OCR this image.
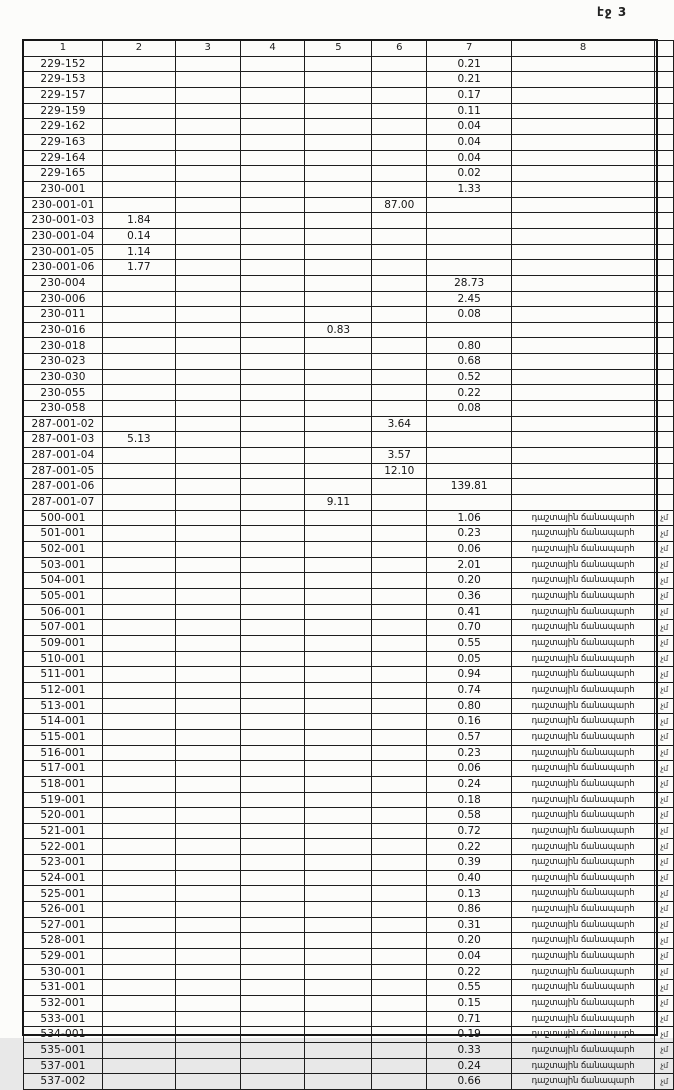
էջ 3
1	2	3	4	5	6	7	8	
229-152						0.21		
229-153						0.21		
229-157						0.17		
229-159						0.11		
229-162						0.04		
229-163						0.04		
229-164						0.04		
229-165						0.02		
230-001						1.33		
230-001-01					87.00			
230-001-03	1.84							
230-001-04	0.14							
230-001-05	1.14							
230-001-06	1.77							
230-004						28.73		
230-006						2.45		
230-011						0.08		
230-016				0.83				
230-018						0.80		
230-023						0.68		
230-030						0.52		
230-055						0.22		
230-058						0.08		
287-001-02					3.64			
287-001-03	5.13							
287-001-04					3.57			
287-001-05					12.10			
287-001-06						139.81		
287-001-07				9.11				
500-001						1.06	դաշտային ճանապարհ	չմ
501-001						0.23	դաշտային ճանապարհ	չմ
502-001						0.06	դաշտային ճանապարհ	չմ
503-001						2.01	դաշտային ճանապարհ	չմ
504-001						0.20	դաշտային ճանապարհ	չմ
505-001						0.36	դաշտային ճանապարհ	չմ
506-001						0.41	դաշտային ճանապարհ	չմ
507-001						0.70	դաշտային ճանապարհ	չմ
509-001						0.55	դաշտային ճանապարհ	չմ
510-001						0.05	դաշտային ճանապարհ	չմ
511-001						0.94	դաշտային ճանապարհ	չմ
512-001						0.74	դաշտային ճանապարհ	չմ
513-001						0.80	դաշտային ճանապարհ	չմ
514-001						0.16	դաշտային ճանապարհ	չմ
515-001						0.57	դաշտային ճանապարհ	չմ
516-001						0.23	դաշտային ճանապարհ	չմ
517-001						0.06	դաշտային ճանապարհ	չմ
518-001						0.24	դաշտային ճանապարհ	չմ
519-001						0.18	դաշտային ճանապարհ	չմ
520-001						0.58	դաշտային ճանապարհ	չմ
521-001						0.72	դաշտային ճանապարհ	չմ
522-001						0.22	դաշտային ճանապարհ	չմ
523-001						0.39	դաշտային ճանապարհ	չմ
524-001						0.40	դաշտային ճանապարհ	չմ
525-001						0.13	դաշտային ճանապարհ	չմ
526-001						0.86	դաշտային ճանապարհ	չմ
527-001						0.31	դաշտային ճանապարհ	չմ
528-001						0.20	դաշտային ճանապարհ	չմ
529-001						0.04	դաշտային ճանապարհ	չմ
530-001						0.22	դաշտային ճանապարհ	չմ
531-001						0.55	դաշտային ճանապարհ	չմ
532-001						0.15	դաշտային ճանապարհ	չմ
533-001						0.71	դաշտային ճանապարհ	չմ
534-001						0.19	դաշտային ճանապարհ	չմ
535-001						0.33	դաշտային ճանապարհ	չմ
537-001						0.24	դաշտային ճանապարհ	չմ
537-002						0.66	դաշտային ճանապարհ	չմ
